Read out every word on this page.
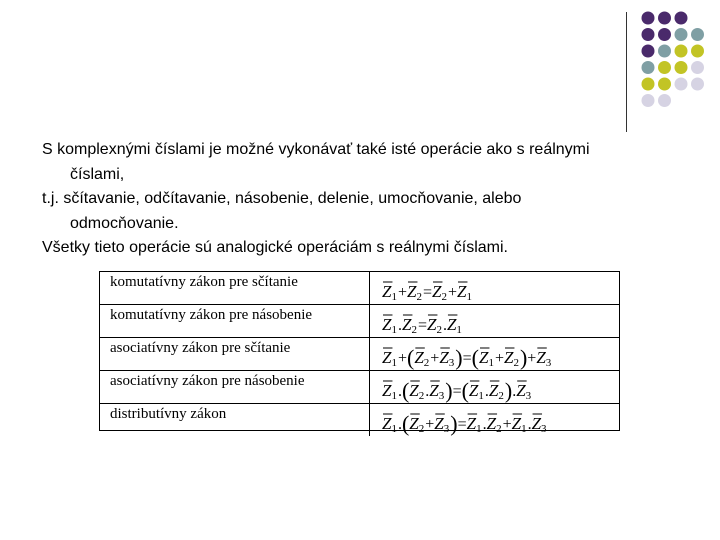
S komplexnými číslami je možné vykonávať také isté operácie ako s reálnymi
číslami,

t.j. sčítavanie, odčítavanie, násobenie, delenie, umocňovanie, alebo
odmocňovanie.

Všetky tieto operácie sú analogické operáciám s reálnymi číslami.

komutatívny zákon pre sčítanie	Z 1 + Z 2 = Z 2 + Z 1
komutatívny zákon pre násobenie	Z 1 . Z 2 = Z 2 . Z 1
asociatívny zákon pre sčítanie	Z 1 + ( Z 2 + Z 3 ) = ( Z 1 + Z 2 ) + Z 3
asociatívny zákon pre násobenie	Z 1 . ( Z 2 . Z 3 ) = ( Z 1 . Z 2 ) . Z 3
distributívny zákon	Z 1 . ( Z 2 + Z 3 ) = Z 1 . Z 2 + Z 1 . Z 3
